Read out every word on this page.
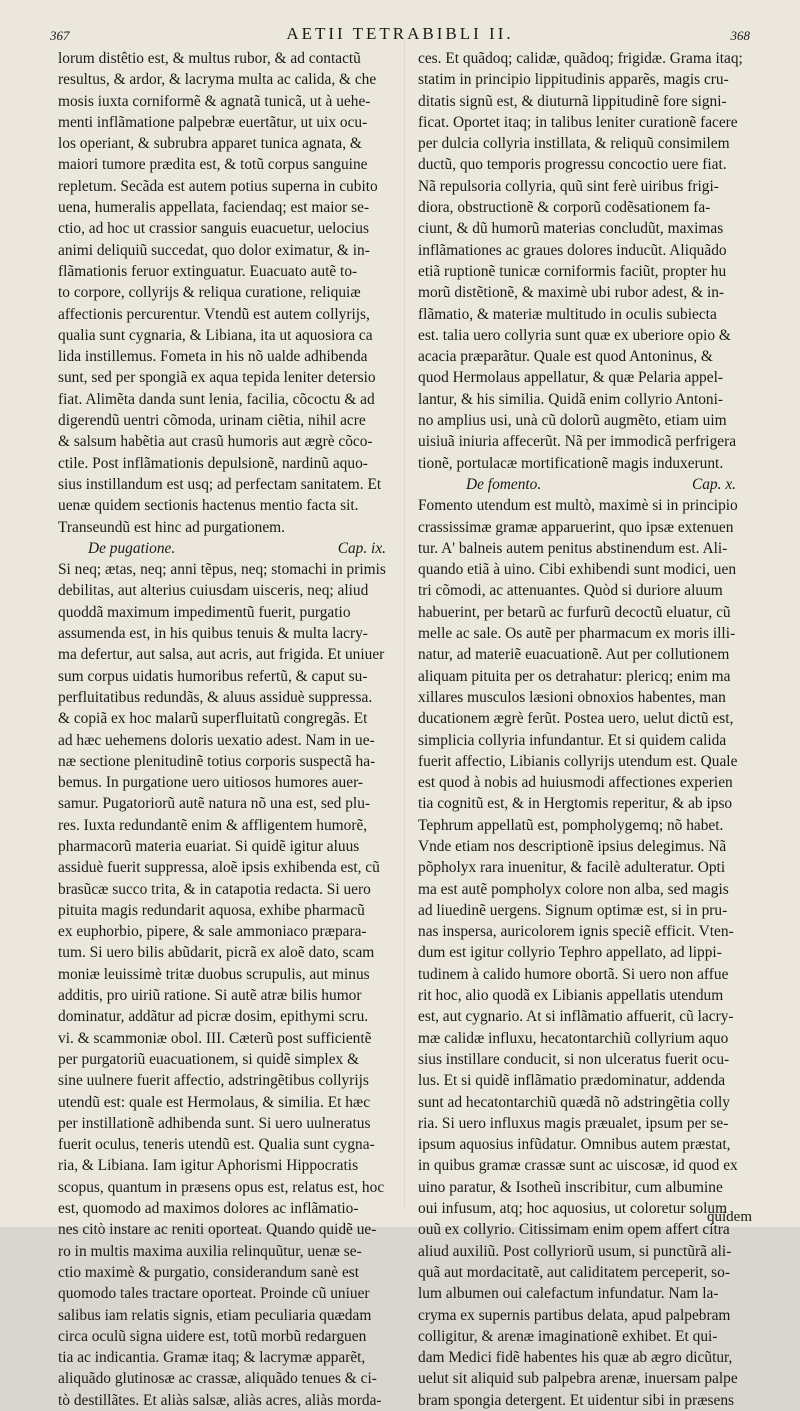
367	AETII TETRABIBLI II.	368
lorum distêtio est, & multus rubor, & ad contactũ
resultus, & ardor, & lacryma multa ac calida, & che
mosis iuxta corniformẽ & agnatã tunicã, ut à uehe-
menti inflãmatione palpebræ euertãtur, ut uix ocu-
los operiant, & subrubra apparet tunica agnata, &
maiori tumore prædita est, & totũ corpus sanguine
repletum. Secãda est autem potius superna in cubito
uena, humeralis appellata, faciendaq; est maior se-
ctio, ad hoc ut crassior sanguis euacuetur, uelocius
animi deliquiũ succedat, quo dolor eximatur, & in-
flãmationis feruor extinguatur. Euacuato autẽ to-
to corpore, collyrijs & reliqua curatione, reliquiæ
affectionis percurentur. Vtendũ est autem collyrijs,
qualia sunt cygnaria, & Libiana, ita ut aquosiora ca
lida instillemus. Fometa in his nõ ualde adhibenda
sunt, sed per spongiã ex aqua tepida leniter detersio
fiat. Alimẽta danda sunt lenia, facilia, cõcoctu & ad
digerendũ uentri cõmoda, urinam ciẽtia, nihil acre
& salsum habẽtia aut crasũ humoris aut ægrè cõco-
ctile. Post inflãmationis depulsionẽ, nardinũ aquo-
sius instillandum est usq; ad perfectam sanitatem. Et
uenæ quidem sectionis hactenus mentio facta sit.
Transeundũ est hinc ad purgationem.
De pugatione.	Cap. ix.
Si neq; ætas, neq; anni tẽpus, neq; stomachi in primis
debilitas, aut alterius cuiusdam uisceris, neq; aliud
quoddã maximum impedimentũ fuerit, purgatio
assumenda est, in his quibus tenuis & multa lacry-
ma defertur, aut salsa, aut acris, aut frigida. Et uniuer
sum corpus uidatis humoribus refertũ, & caput su-
perfluitatibus redundãs, & aluus assiduè suppressa.
& copiã ex hoc malarũ superfluitatũ congregãs. Et
ad hæc uehemens doloris uexatio adest. Nam in ue-
næ sectione plenitudinẽ totius corporis suspectã ha-
bemus. In purgatione uero uitiosos humores auer-
samur. Pugatoriorũ autẽ natura nõ una est, sed plu-
res. Iuxta redundantẽ enim & affligentem humorẽ,
pharmacorũ materia euariat. Si quidẽ igitur aluus
assiduè fuerit suppressa, aloẽ ipsis exhibenda est, cũ
brasũcæ succo trita, & in catapotia redacta. Si uero
pituita magis redundarit aquosa, exhibe pharmacũ
ex euphorbio, pipere, & sale ammoniaco præpara-
tum. Si uero bilis abũdarit, picrã ex aloẽ dato, scam
moniæ leuissimè tritæ duobus scrupulis, aut minus
additis, pro uiriũ ratione. Si autẽ atræ bilis humor
dominatur, addãtur ad picræ dosim, epithymi scru.
vi. & scammoniæ obol. III. Cæterũ post sufficientẽ
per purgatoriũ euacuationem, si quidẽ simplex &
sine uulnere fuerit affectio, adstringẽtibus collyrijs
utendũ est: quale est Hermolaus, & similia. Et hæc
per instillationẽ adhibenda sunt. Si uero uulneratus
fuerit oculus, teneris utendũ est. Qualia sunt cygna-
ria, & Libiana. Iam igitur Aphorismi Hippocratis
scopus, quantum in præsens opus est, relatus est, hoc
est, quomodo ad maximos dolores ac inflãmatio-
nes citò instare ac reniti oporteat. Quando quidẽ ue-
ro in multis maxima auxilia relinquũtur, uenæ se-
ctio maximè & purgatio, considerandum sanè est
quomodo tales tractare oporteat. Proinde cũ uniuer
salibus iam relatis signis, etiam peculiaria quædam
circa oculũ signa uidere est, totũ morbũ redarguen
tia ac indicantia. Gramæ itaq; & lacrymæ apparẽt,
aliquãdo glutinosæ ac crassæ, aliquãdo tenues & ci-
tò destillãtes. Et aliàs salsæ, aliàs acres, aliàs morda-
ces. Et quãdoq; calidæ, quãdoq; frigidæ. Grama itaq;
statim in principio lippitudinis apparẽs, magis cru-
ditatis signũ est, & diuturnã lippitudinẽ fore signi-
ficat. Oportet itaq; in talibus leniter curationẽ facere
per dulcia collyria instillata, & reliquũ consimilem
ductũ, quo temporis progressu concoctio uere fiat.
Nã repulsoria collyria, quũ sint ferè uiribus frigi-
diora, obstructionẽ & corporũ codẽsationem fa-
ciunt, & dũ humorũ materias concludũt, maximas
inflãmationes ac graues dolores inducũt. Aliquãdo
etiã ruptionẽ tunicæ corniformis faciũt, propter hu
morũ distẽtionẽ, & maximè ubi rubor adest, & in-
flãmatio, & materiæ multitudo in oculis subiecta
est. talia uero collyria sunt quæ ex uberiore opio &
acacia præparãtur. Quale est quod Antoninus, &
quod Hermolaus appellatur, & quæ Pelaria appel-
lantur, & his similia. Quidã enim collyrio Antoni-
no amplius usi, unà cũ dolorũ augmẽto, etiam uim
uisiuã iniuria affecerũt. Nã per immodicã perfrigera
tionẽ, portulacæ mortificationẽ magis induxerunt.
De fomento.	Cap. x.
Fomento utendum est multò, maximè si in principio
crassissimæ gramæ apparuerint, quo ipsæ extenuen
tur. A' balneis autem penitus abstinendum est. Ali-
quando etiã à uino. Cibi exhibendi sunt modici, uen
tri cõmodi, ac attenuantes. Quòd si duriore aluum
habuerint, per betarũ ac furfurũ decoctũ eluatur, cũ
melle ac sale. Os autẽ per pharmacum ex moris illi-
natur, ad materiẽ euacuationẽ. Aut per collutionem
aliquam pituita per os detrahatur: plericq; enim ma
xillares musculos læsioni obnoxios habentes, man
ducationem ægrè ferũt. Postea uero, uelut dictũ est,
simplicia collyria infundantur. Et si quidem calida
fuerit affectio, Libianis collyrijs utendum est. Quale
est quod à nobis ad huiusmodi affectiones experien
tia cognitũ est, & in Hergtomis reperitur, & ab ipso
Tephrum appellatũ est, pompholygemq; nõ habet.
Vnde etiam nos descriptionẽ ipsius delegimus. Nã
põpholyx rara inuenitur, & facilè adulteratur. Opti
ma est autẽ pompholyx colore non alba, sed magis
ad liuedinẽ uergens. Signum optimæ est, si in pru-
nas inspersa, auricolorem ignis speciẽ efficit. Vten-
dum est igitur collyrio Tephro appellato, ad lippi-
tudinem à calido humore obortã. Si uero non affue
rit hoc, alio quodã ex Libianis appellatis utendum
est, aut cygnario. At si inflãmatio affuerit, cũ lacry-
mæ calidæ influxu, hecatontarchiũ collyrium aquo
sius instillare conducit, si non ulceratus fuerit ocu-
lus. Et si quidẽ inflãmatio prædominatur, addenda
sunt ad hecatontarchiũ quædã nõ adstringẽtia colly
ria. Si uero influxus magis præualet, ipsum per se-
ipsum aquosius infũdatur. Omnibus autem præstat,
in quibus gramæ crassæ sunt ac uiscosæ, id quod ex
uino paratur, & Isotheũ inscribitur, cum albumine
oui infusum, atq; hoc aquosius, ut coloretur solum
ouũ ex collyrio. Citissimam enim opem affert citra
aliud auxiliũ. Post collyriorũ usum, si punctũrã ali-
quã aut mordacitatẽ, aut caliditatem perceperit, so-
lum albumen oui calefactum infundatur. Nam la-
cryma ex supernis partibus delata, apud palpebram
colligitur, & arenæ imaginationẽ exhibet. Et qui-
dam Medici fidẽ habentes his quæ ab ægro dicũtur,
uelut sit aliquid sub palpebra arenæ, inuersam palpe
bram spongia detergent. Et uidentur sibi in præsens
quidem
